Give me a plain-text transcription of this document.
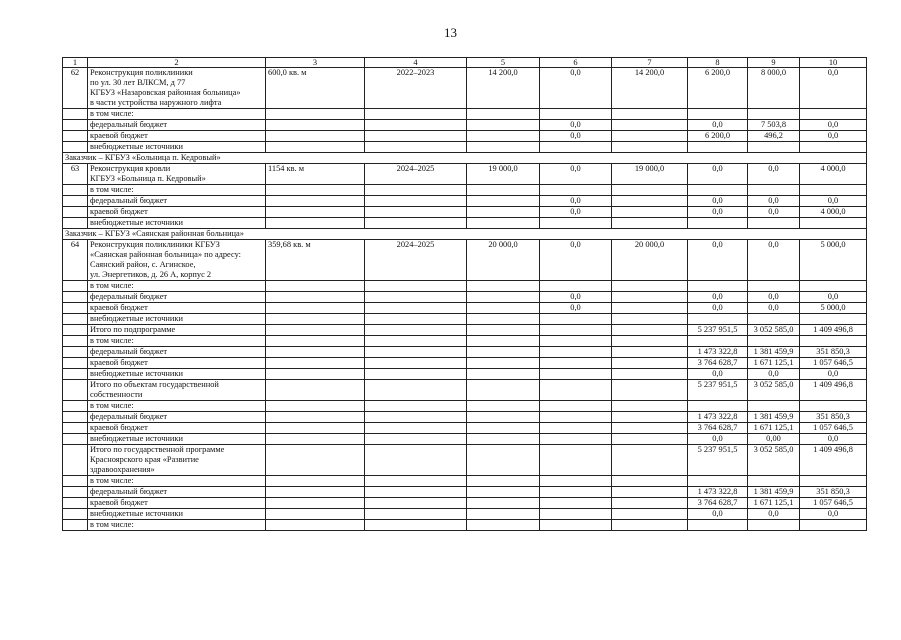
13
1	2	3	4	5	6	7	8	9	10
62	Реконструкция поликлиники
по ул. 30 лет ВЛКСМ, д 77
КГБУЗ «Назаровская районная больница»
в части устройства наружного лифта	600,0 кв. м	2022–2023	14 200,0	0,0	14 200,0	6 200,0	8 000,0	0,0
	в том числе:								
	федеральный бюджет				0,0		0,0	7 503,8	0,0
	краевой бюджет				0,0		6 200,0	496,2	0,0
	внебюджетные источники								
Заказчик – КГБУЗ «Больница п. Кедровый»									
63	Реконструкция кровли
КГБУЗ «Больница п. Кедровый»	1154 кв. м	2024–2025	19 000,0	0,0	19 000,0	0,0	0,0	4 000,0
	в том числе:								
	федеральный бюджет				0,0		0,0	0,0	0,0
	краевой бюджет				0,0		0,0	0,0	4 000,0
	внебюджетные источники								
Заказчик – КГБУЗ «Саянская районная больница»									
64	Реконструкция поликлиники КГБУЗ
«Саянская районная больница» по адресу:
Саянский район, с. Агинское,
ул. Энергетиков, д. 26 А, корпус 2	359,68 кв. м	2024–2025	20 000,0	0,0	20 000,0	0,0	0,0	5 000,0
	в том числе:								
	федеральный бюджет				0,0		0,0	0,0	0,0
	краевой бюджет				0,0		0,0	0,0	5 000,0
	внебюджетные источники								
	Итого по подпрограмме						5 237 951,5	3 052 585,0	1 409 496,8
	в том числе:								
	федеральный бюджет						1 473 322,8	1 381 459,9	351 850,3
	краевой бюджет						3 764 628,7	1 671 125,1	1 057 646,5
	внебюджетные источники						0,0	0,0	0,0
	Итого по объектам государственной
собственности						5 237 951,5	3 052 585,0	1 409 496,8
	в том числе:								
	федеральный бюджет						1 473 322,8	1 381 459,9	351 850,3
	краевой бюджет						3 764 628,7	1 671 125,1	1 057 646,5
	внебюджетные источники						0,0	0,00	0,0
	Итого по государственной программе
Красноярского края «Развитие
здравоохранения»						5 237 951,5	3 052 585,0	1 409 496,8
	в том числе:								
	федеральный бюджет						1 473 322,8	1 381 459,9	351 850,3
	краевой бюджет						3 764 628,7	1 671 125,1	1 057 646,5
	внебюджетные источники						0,0	0,0	0,0
	в том числе:								
